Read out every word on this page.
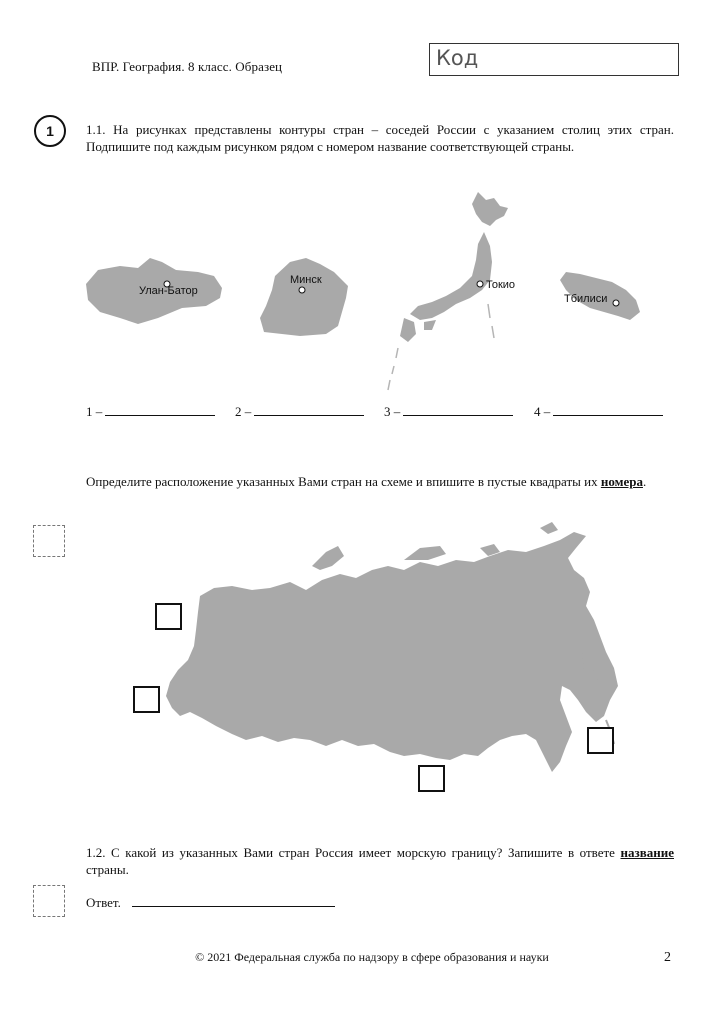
ВПР. География. 8 класс. Образец	Код
1	1.1. На рисунках представлены контуры стран – соседей России с указанием столиц этих стран. Подпишите под каждым рисунком рядом с номером название соответствующей страны.
Улан-Батор
Минск	Токио
Тбилиси
1 –	2 –	3 –	4 –
Определите расположение указанных Вами стран на схеме и впишите в пустые квадраты их номера.
1.2. С какой из указанных Вами стран Россия имеет морскую границу? Запишите в ответе название страны.
Ответ.
© 2021 Федеральная служба по надзору в сфере образования и науки	2
